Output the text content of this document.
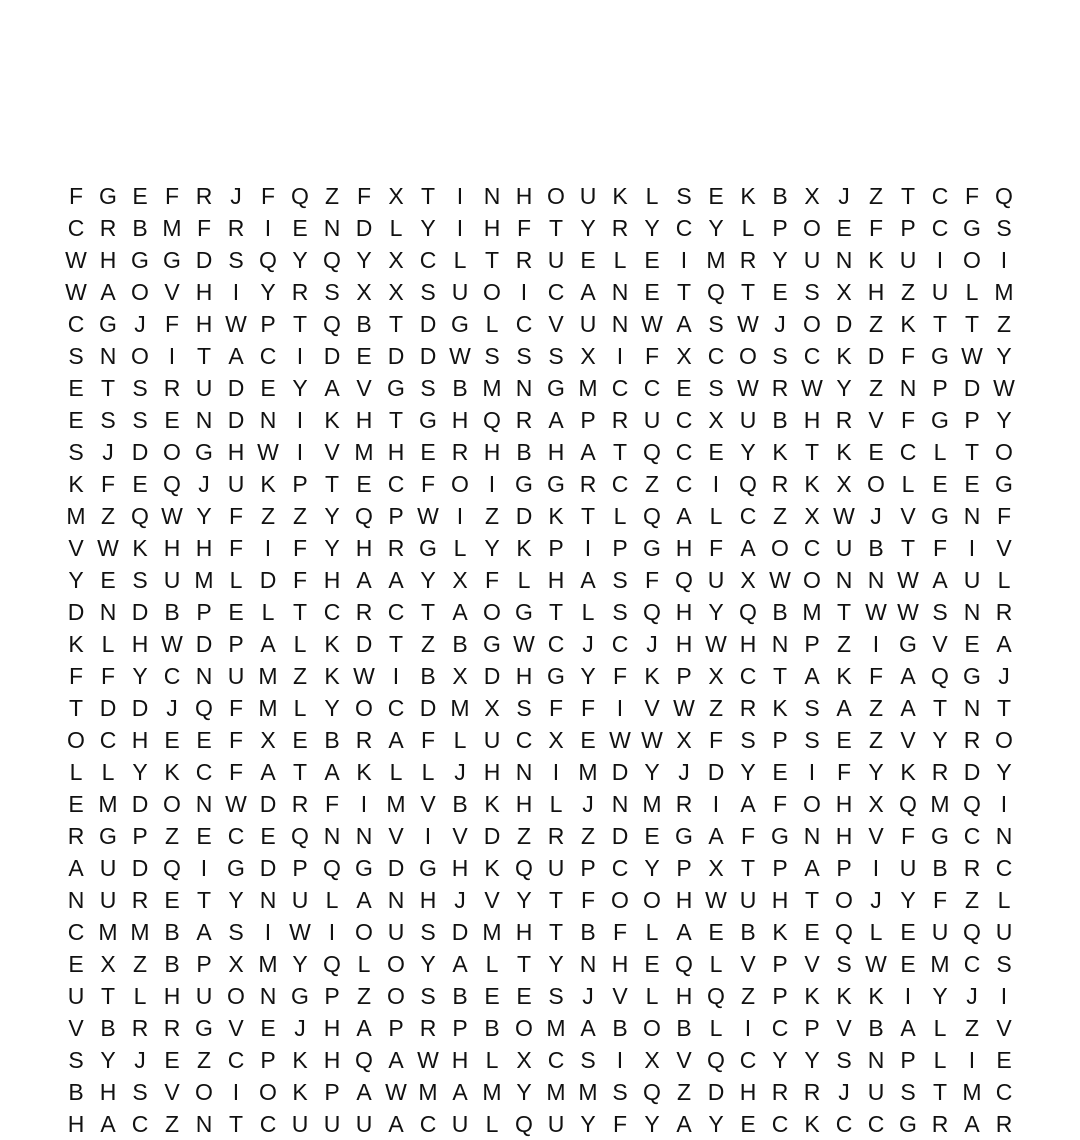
F G E F R J F Q Z F X T I N H O U K L S E K B X J Z T C F Q
C R B M F R I E N D L Y I H F T Y R Y C Y L P O E F P C G S
W H G G D S Q Y Q Y X C L T R U E L E I M R Y U N K U I O I
W A O V H I Y R S X X S U O I C A N E T Q T E S X H Z U L M
C G J F H W P T Q B T D G L C V U N W A S W J O D Z K T T Z
S N O I T A C I D E D D W S S S X I F X C O S C K D F G W Y
E T S R U D E Y A V G S B M N G M C C E S W R W Y Z N P D W
E S S E N D N I K H T G H Q R A P R U C X U B H R V F G P Y
S J D O G H W I V M H E R H B H A T Q C E Y K T K E C L T O
K F E Q J U K P T E C F O I G G R C Z C I Q R K X O L E E G
M Z Q W Y F Z Z Y Q P W I Z D K T L Q A L C Z X W J V G N F
V W K H H F I F Y H R G L Y K P I P G H F A O C U B T F I V
Y E S U M L D F H A A Y X F L H A S F Q U X W O N N W A U L
D N D B P E L T C R C T A O G T L S Q H Y Q B M T W W S N R
K L H W D P A L K D T Z B G W C J C J H W H N P Z I G V E A
F F Y C N U M Z K W I B X D H G Y F K P X C T A K F A Q G J
T D D J Q F M L Y O C D M X S F F I V W Z R K S A Z A T N T
O C H E E F X E B R A F L U C X E W W X F S P S E Z V Y R O
L L Y K C F A T A K L L J H N I M D Y J D Y E I F Y K R D Y
E M D O N W D R F I M V B K H L J N M R I A F O H X Q M Q I
R G P Z E C E Q N N V I V D Z R Z D E G A F G N H V F G C N
A U D Q I G D P Q G D G H K Q U P C Y P X T P A P I U B R C
N U R E T Y N U L A N H J V Y T F O O H W U H T O J Y F Z L
C M M B A S I W I O U S D M H T B F L A E B K E Q L E U Q U
E X Z B P X M Y Q L O Y A L T Y N H E Q L V P V S W E M C S
U T L H U O N G P Z O S B E E S J V L H Q Z P K K K I Y J	I
V B R R G V E J H A P R P B O M A B O B L I C P V B A L Z V
S Y J E Z C P K H Q A W H L X C S I X V Q C Y Y S N P L I E
B H S V O I O K P A W M A M Y M M S Q Z D H R R J U S T M C
H A C Z N T C U U U A C U L Q U Y F Y A Y E C K C C G R A R
